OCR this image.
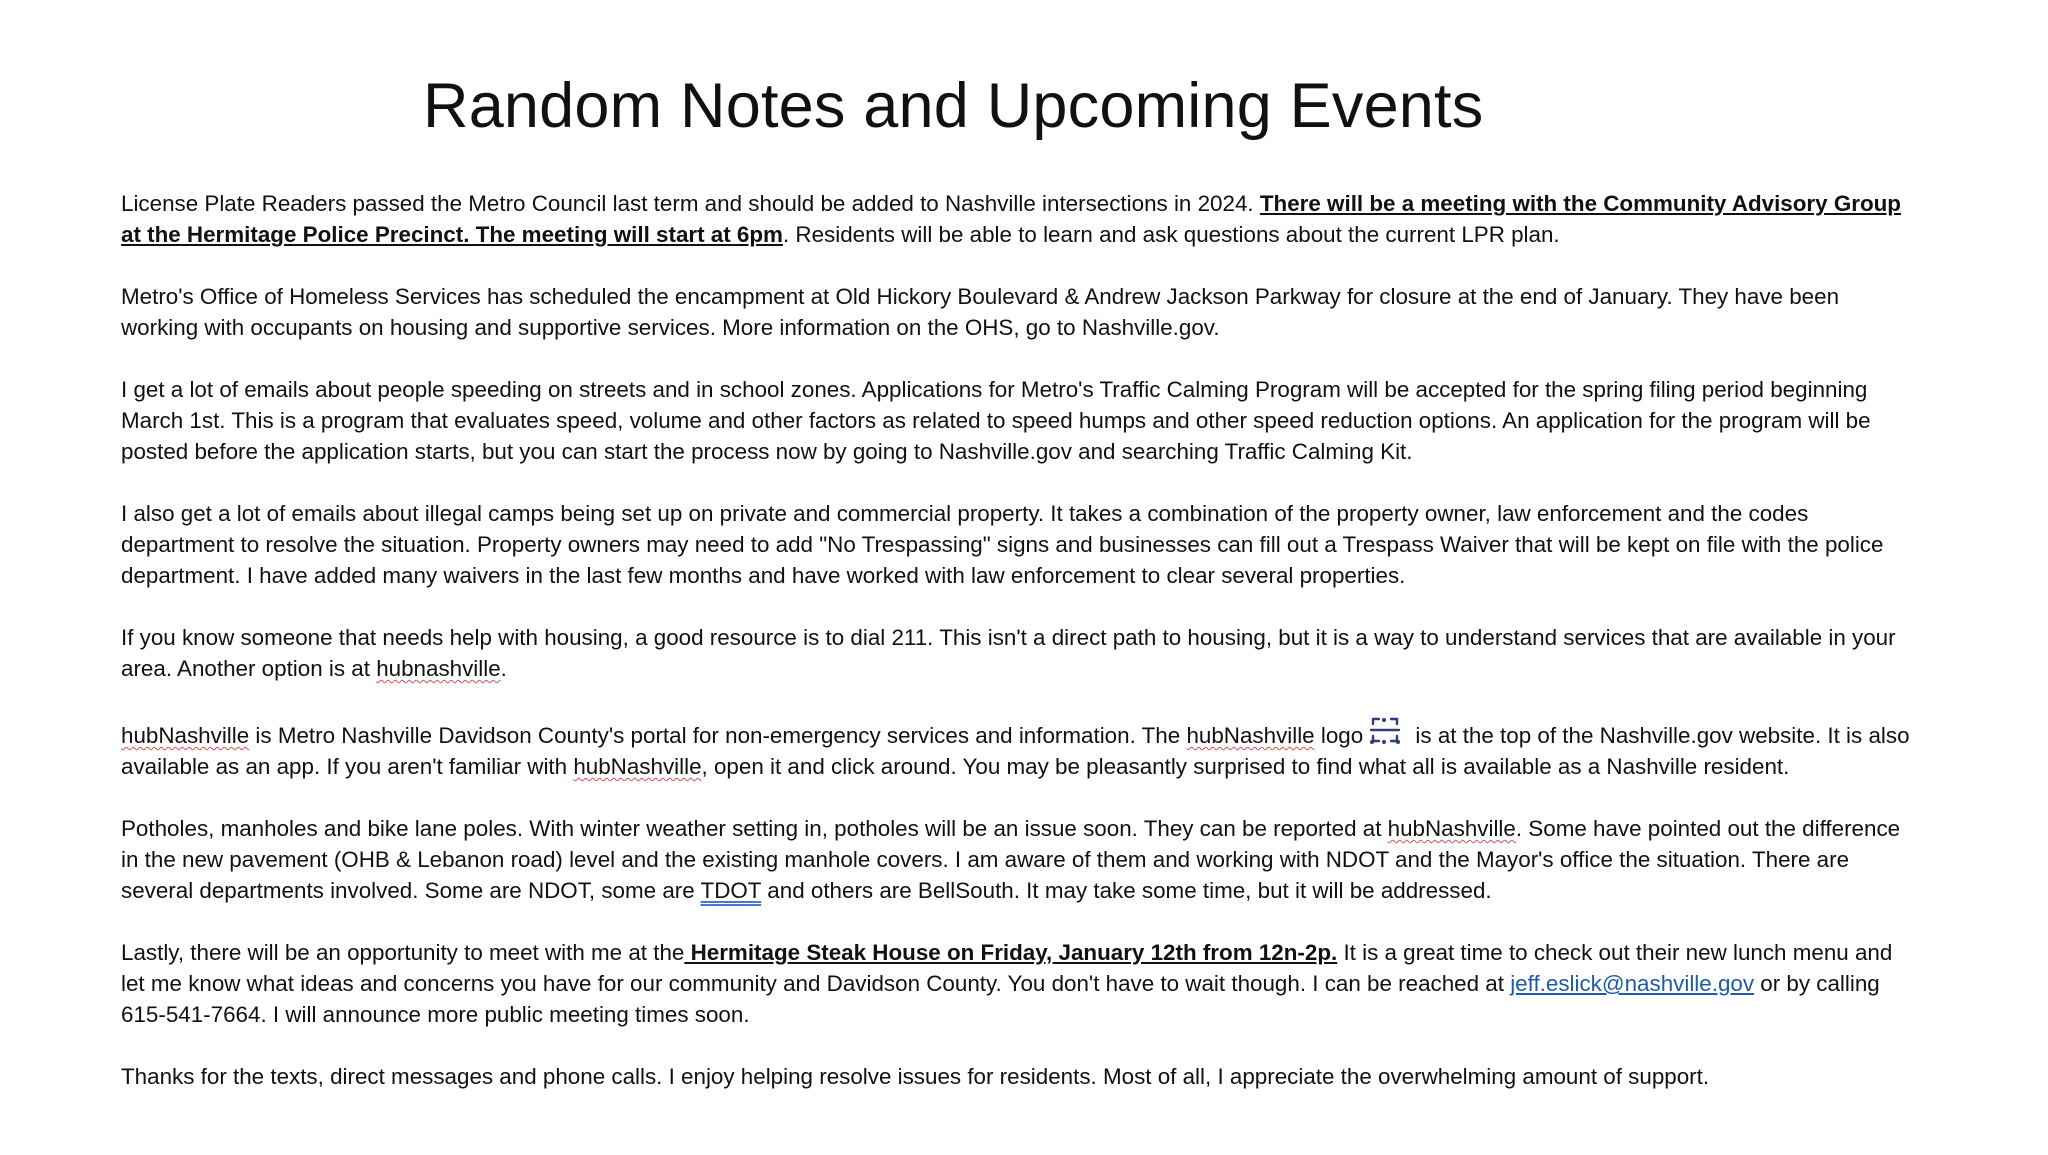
Random Notes and Upcoming Events

License Plate Readers passed the Metro Council last term and should be added to Nashville intersections in 2024. There will be a meeting with the Community Advisory Group at the Hermitage Police Precinct. The meeting will start at 6pm. Residents will be able to learn and ask questions about the current LPR plan.

Metro's Office of Homeless Services has scheduled the encampment at Old Hickory Boulevard & Andrew Jackson Parkway for closure at the end of January. They have been working with occupants on housing and supportive services. More information on the OHS, go to Nashville.gov.

I get a lot of emails about people speeding on streets and in school zones. Applications for Metro's Traffic Calming Program will be accepted for the spring filing period beginning March 1st. This is a program that evaluates speed, volume and other factors as related to speed humps and other speed reduction options. An application for the program will be posted before the application starts, but you can start the process now by going to Nashville.gov and searching Traffic Calming Kit.

I also get a lot of emails about illegal camps being set up on private and commercial property. It takes a combination of the property owner, law enforcement and the codes department to resolve the situation. Property owners may need to add "No Trespassing" signs and businesses can fill out a Trespass Waiver that will be kept on file with the police department. I have added many waivers in the last few months and have worked with law enforcement to clear several properties.

If you know someone that needs help with housing, a good resource is to dial 211. This isn't a direct path to housing, but it is a way to understand services that are available in your area. Another option is at hubnashville.

hubNashville is Metro Nashville Davidson County's portal for non-emergency services and information. The hubNashville logo is at the top of the Nashville.gov website. It is also available as an app. If you aren't familiar with hubNashville, open it and click around. You may be pleasantly surprised to find what all is available as a Nashville resident.

Potholes, manholes and bike lane poles. With winter weather setting in, potholes will be an issue soon. They can be reported at hubNashville. Some have pointed out the difference in the new pavement (OHB & Lebanon road) level and the existing manhole covers. I am aware of them and working with NDOT and the Mayor's office the situation. There are several departments involved. Some are NDOT, some are TDOT and others are BellSouth. It may take some time, but it will be addressed.

Lastly, there will be an opportunity to meet with me at the Hermitage Steak House on Friday, January 12th from 12n-2p. It is a great time to check out their new lunch menu and let me know what ideas and concerns you have for our community and Davidson County. You don't have to wait though. I can be reached at jeff.eslick@nashville.gov or by calling 615-541-7664. I will announce more public meeting times soon.

Thanks for the texts, direct messages and phone calls. I enjoy helping resolve issues for residents. Most of all, I appreciate the overwhelming amount of support.
